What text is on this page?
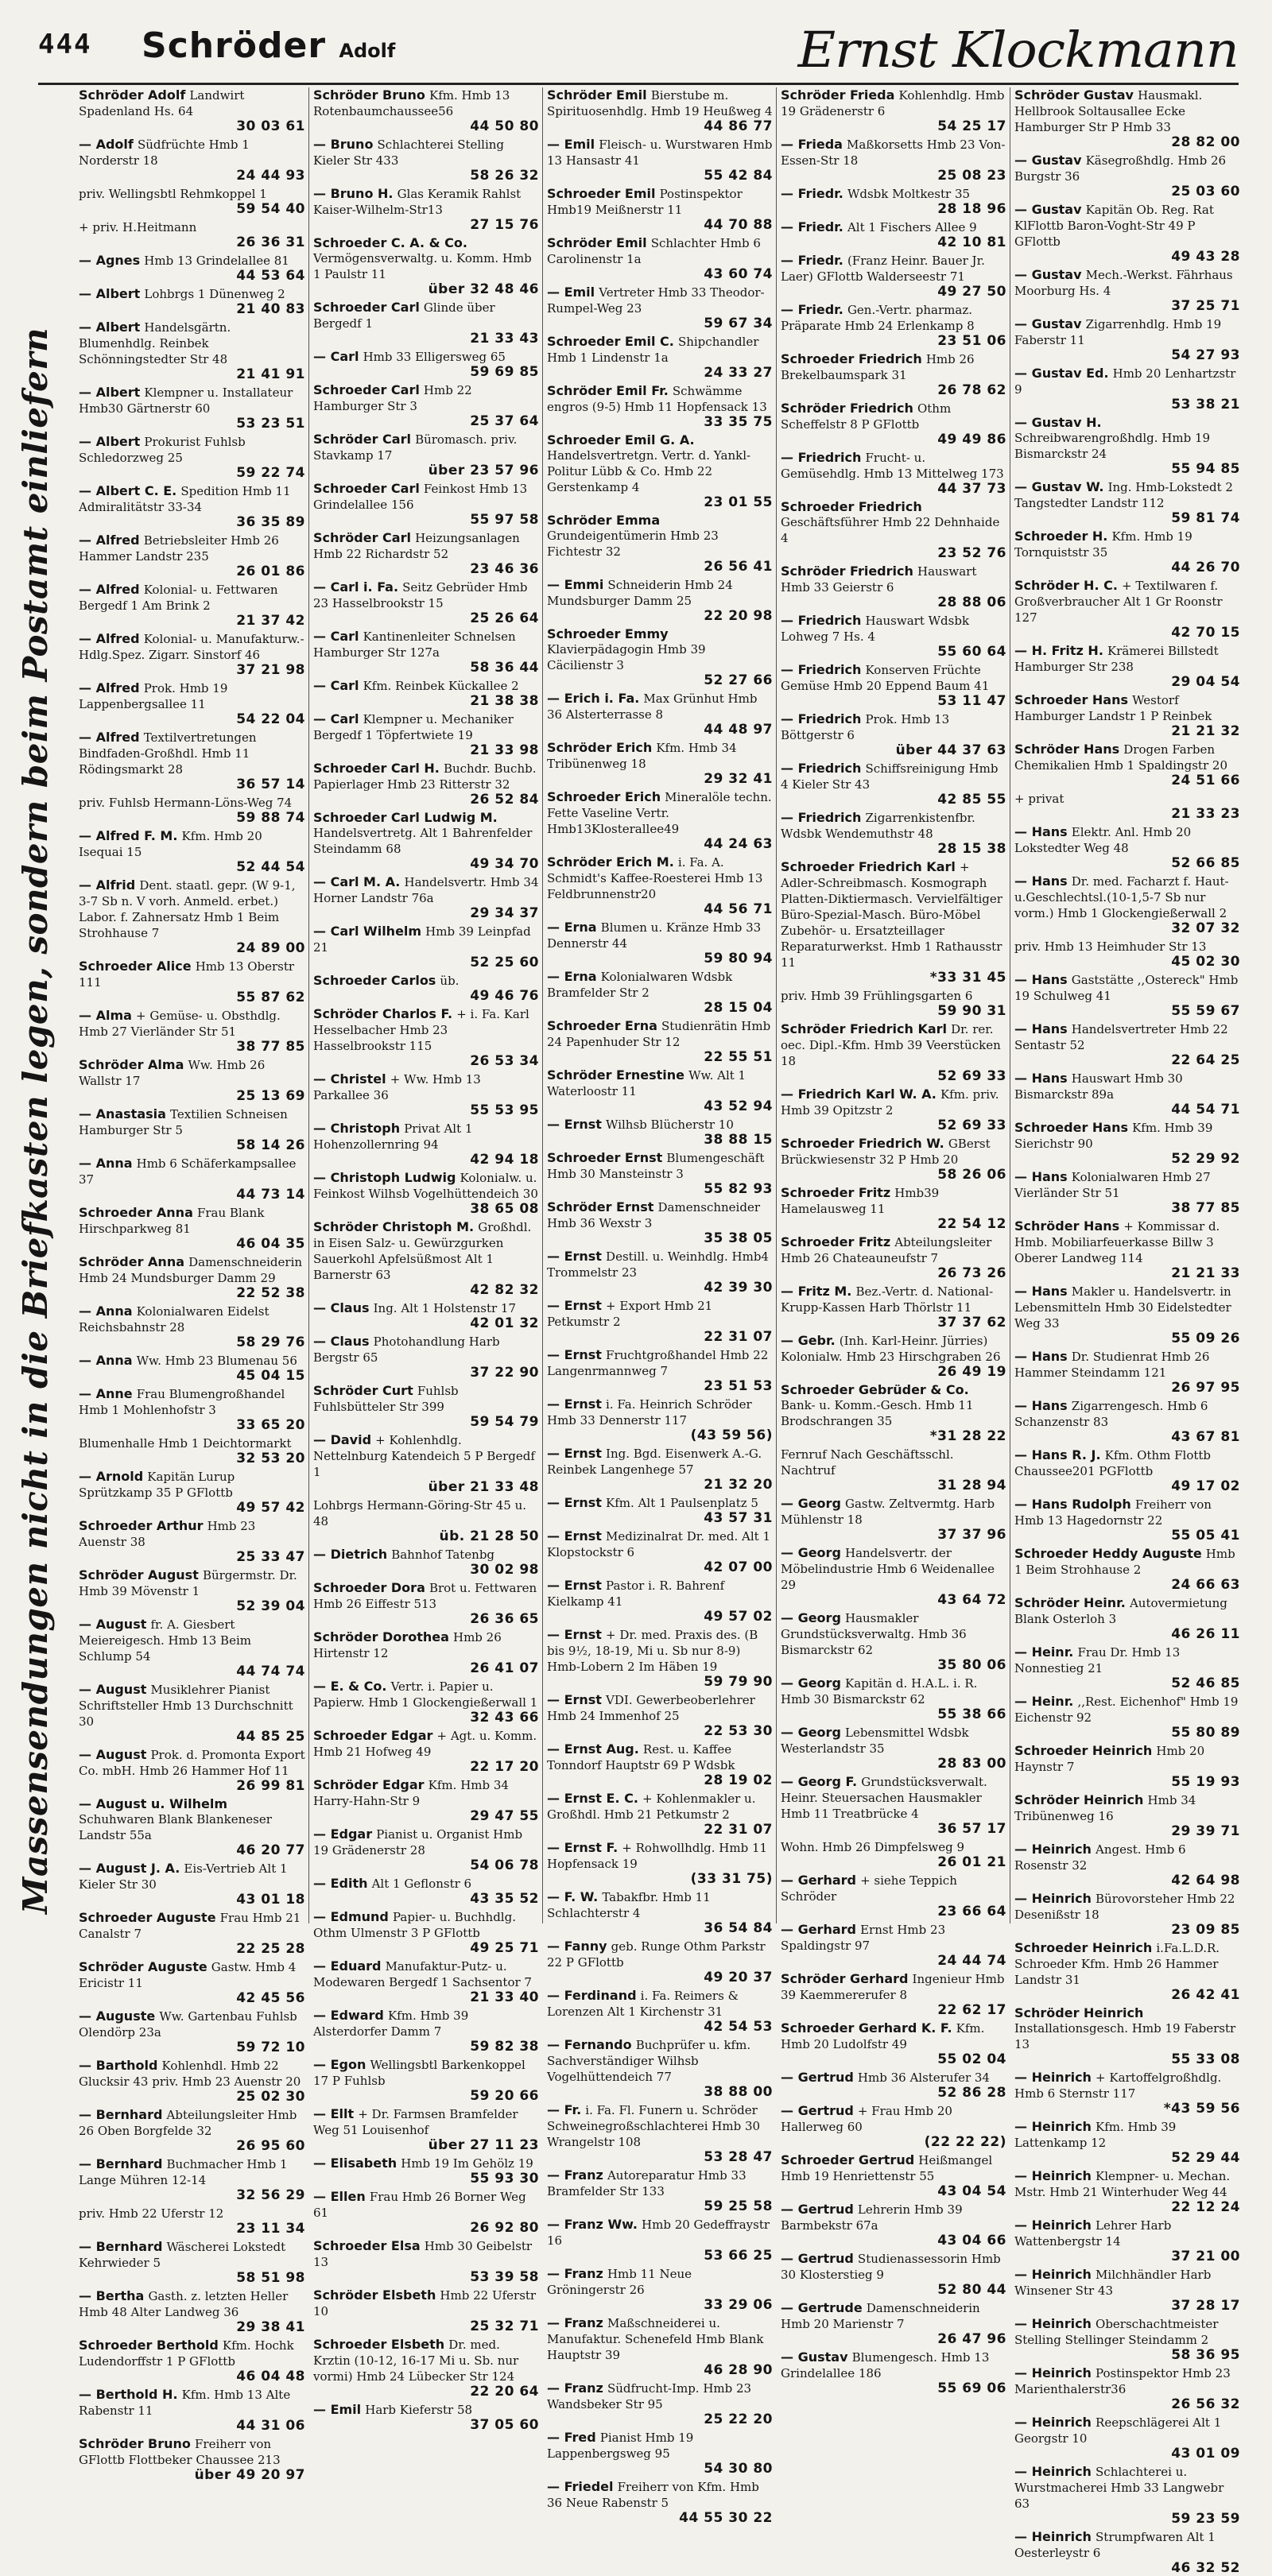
444 Schröder Adolf	Ernst Klockmann
Massensendungen nicht in die Briefkasten legen, sondern beim Postamt einliefern
Schröder Adolf Landwirt Spadenland Hs. 64
30 03 61
— Adolf Südfrüchte Hmb 1 Norderstr 18
24 44 93
priv. Wellingsbtl Rehmkoppel 1
59 54 40
+ priv. H.Heitmann
26 36 31
— Agnes Hmb 13 Grindelallee 81
44 53 64
— Albert Lohbrgs 1 Dünenweg 2
21 40 83
— Albert Handelsgärtn. Blumenhdlg. Reinbek Schönningstedter Str 48
21 41 91
— Albert Klempner u. Installateur Hmb30 Gärtnerstr 60
53 23 51
— Albert Prokurist Fuhlsb Schledorzweg 25
59 22 74
— Albert C. E. Spedition Hmb 11 Admiralitätstr 33-34
36 35 89
— Alfred Betriebsleiter Hmb 26 Hammer Landstr 235
26 01 86
— Alfred Kolonial- u. Fettwaren Bergedf 1 Am Brink 2
21 37 42
— Alfred Kolonial- u. Manufakturw.-Hdlg.Spez. Zigarr. Sinstorf 46
37 21 98
— Alfred Prok. Hmb 19 Lappenbergsallee 11
54 22 04
— Alfred Textilvertretungen Bindfaden-Großhdl. Hmb 11 Rödingsmarkt 28
36 57 14
priv. Fuhlsb Hermann-Löns-Weg 74
59 88 74
— Alfred F. M. Kfm. Hmb 20 Isequai 15
52 44 54
— Alfrid Dent. staatl. gepr. (W 9-1, 3-7 Sb n. V vorh. Anmeld. erbet.) Labor. f. Zahnersatz Hmb 1 Beim Strohhause 7
24 89 00
Schroeder Alice Hmb 13 Oberstr 111
55 87 62
— Alma + Gemüse- u. Obsthdlg. Hmb 27 Vierländer Str 51
38 77 85
Schröder Alma Ww. Hmb 26 Wallstr 17
25 13 69
— Anastasia Textilien Schneisen Hamburger Str 5
58 14 26
— Anna Hmb 6 Schäferkampsallee 37
44 73 14
Schroeder Anna Frau Blank Hirschparkweg 81
46 04 35
Schröder Anna Damenschneiderin Hmb 24 Mundsburger Damm 29
22 52 38
— Anna Kolonialwaren Eidelst Reichsbahnstr 28
58 29 76
— Anna Ww. Hmb 23 Blumenau 56
45 04 15
— Anne Frau Blumengroßhandel Hmb 1 Mohlenhofstr 3
33 65 20
Blumenhalle Hmb 1 Deichtormarkt
32 53 20
— Arnold Kapitän Lurup Sprützkamp 35 P GFlottb
49 57 42
Schroeder Arthur Hmb 23 Auenstr 38
25 33 47
Schröder August Bürgermstr. Dr. Hmb 39 Mövenstr 1
52 39 04
— August fr. A. Giesbert Meiereigesch. Hmb 13 Beim Schlump 54
44 74 74
— August Musiklehrer Pianist Schriftsteller Hmb 13 Durchschnitt 30
44 85 25
— August Prok. d. Promonta Export Co. mbH. Hmb 26 Hammer Hof 11
26 99 81
— August u. Wilhelm Schuhwaren Blank Blankeneser Landstr 55a
46 20 77
— August J. A. Eis-Vertrieb Alt 1 Kieler Str 30
43 01 18
Schroeder Auguste Frau Hmb 21 Canalstr 7
22 25 28
Schröder Auguste Gastw. Hmb 4 Ericistr 11
42 45 56
— Auguste Ww. Gartenbau Fuhlsb Olendörp 23a
59 72 10
— Barthold Kohlenhdl. Hmb 22 Glucksir 43 priv. Hmb 23 Auenstr 20
25 02 30
— Bernhard Abteilungsleiter Hmb 26 Oben Borgfelde 32
26 95 60
— Bernhard Buchmacher Hmb 1 Lange Mühren 12-14
32 56 29
priv. Hmb 22 Uferstr 12
23 11 34
— Bernhard Wäscherei Lokstedt Kehrwieder 5
58 51 98
— Bertha Gasth. z. letzten Heller Hmb 48 Alter Landweg 36
29 38 41
Schroeder Berthold Kfm. Hochk Ludendorffstr 1 P GFlottb
46 04 48
— Berthold H. Kfm. Hmb 13 Alte Rabenstr 11
44 31 06
Schröder Bruno Freiherr von GFlottb Flottbeker Chaussee 213
über 49 20 97
Schröder Bruno Kfm. Hmb 13 Rotenbaumchaussee56
44 50 80
— Bruno Schlachterei Stelling Kieler Str 433
58 26 32
— Bruno H. Glas Keramik Rahlst Kaiser-Wilhelm-Str13
27 15 76
Schroeder C. A. & Co. Vermögensverwaltg. u. Komm. Hmb 1 Paulstr 11
über 32 48 46
Schroeder Carl Glinde über Bergedf 1
21 33 43
— Carl Hmb 33 Elligersweg 65
59 69 85
Schroeder Carl Hmb 22 Hamburger Str 3
25 37 64
Schröder Carl Büromasch. priv. Stavkamp 17
über 23 57 96
Schroeder Carl Feinkost Hmb 13 Grindelallee 156
55 97 58
Schröder Carl Heizungsanlagen Hmb 22 Richardstr 52
23 46 36
— Carl i. Fa. Seitz Gebrüder Hmb 23 Hasselbrookstr 15
25 26 64
— Carl Kantinenleiter Schnelsen Hamburger Str 127a
58 36 44
— Carl Kfm. Reinbek Kückallee 2
21 38 38
— Carl Klempner u. Mechaniker Bergedf 1 Töpfertwiete 19
21 33 98
Schroeder Carl H. Buchdr. Buchb. Papierlager Hmb 23 Ritterstr 32
26 52 84
Schroeder Carl Ludwig M. Handelsvertretg. Alt 1 Bahrenfelder Steindamm 68
49 34 70
— Carl M. A. Handelsvertr. Hmb 34 Horner Landstr 76a
29 34 37
— Carl Wilhelm Hmb 39 Leinpfad 21
52 25 60
Schroeder Carlos üb.
49 46 76
Schröder Charlos F. + i. Fa. Karl Hesselbacher Hmb 23 Hasselbrookstr 115
26 53 34
— Christel + Ww. Hmb 13 Parkallee 36
55 53 95
— Christoph Privat Alt 1 Hohenzollernring 94
42 94 18
— Christoph Ludwig Kolonialw. u. Feinkost Wilhsb Vogelhüttendeich 30
38 65 08
Schröder Christoph M. Großhdl. in Eisen Salz- u. Gewürzgurken Sauerkohl Apfelsüßmost Alt 1 Barnerstr 63
42 82 32
— Claus Ing. Alt 1 Holstenstr 17
42 01 32
— Claus Photohandlung Harb Bergstr 65
37 22 90
Schröder Curt Fuhlsb Fuhlsbütteler Str 399
59 54 79
— David + Kohlenhdlg. Nettelnburg Katendeich 5 P Bergedf 1
über 21 33 48
Lohbrgs Hermann-Göring-Str 45 u. 48
üb. 21 28 50
— Dietrich Bahnhof Tatenbg
30 02 98
Schroeder Dora Brot u. Fettwaren Hmb 26 Eiffestr 513
26 36 65
Schröder Dorothea Hmb 26 Hirtenstr 12
26 41 07
— E. & Co. Vertr. i. Papier u. Papierw. Hmb 1 Glockengießerwall 1
32 43 66
Schroeder Edgar + Agt. u. Komm. Hmb 21 Hofweg 49
22 17 20
Schröder Edgar Kfm. Hmb 34 Harry-Hahn-Str 9
29 47 55
— Edgar Pianist u. Organist Hmb 19 Grädenerstr 28
54 06 78
— Edith Alt 1 Geflonstr 6
43 35 52
— Edmund Papier- u. Buchhdlg. Othm Ulmenstr 3 P GFlottb
49 25 71
— Eduard Manufaktur-Putz- u. Modewaren Bergedf 1 Sachsentor 7
21 33 40
— Edward Kfm. Hmb 39 Alsterdorfer Damm 7
59 82 38
— Egon Wellingsbtl Barkenkoppel 17 P Fuhlsb
59 20 66
— Ellt + Dr. Farmsen Bramfelder Weg 51 Louisenhof
über 27 11 23
— Elisabeth Hmb 19 Im Gehölz 19
55 93 30
— Ellen Frau Hmb 26 Borner Weg 61
26 92 80
Schroeder Elsa Hmb 30 Geibelstr 13
53 39 58
Schröder Elsbeth Hmb 22 Uferstr 10
25 32 71
Schroeder Elsbeth Dr. med. Krztin (10-12, 16-17 Mi u. Sb. nur vormi) Hmb 24 Lübecker Str 124
22 20 64
— Emil Harb Kieferstr 58
37 05 60
Schröder Emil Bierstube m. Spirituosenhdlg. Hmb 19 Heußweg 4
44 86 77
— Emil Fleisch- u. Wurstwaren Hmb 13 Hansastr 41
55 42 84
Schroeder Emil Postinspektor Hmb19 Meißnerstr 11
44 70 88
Schröder Emil Schlachter Hmb 6 Carolinenstr 1a
43 60 74
— Emil Vertreter Hmb 33 Theodor-Rumpel-Weg 23
59 67 34
Schroeder Emil C. Shipchandler Hmb 1 Lindenstr 1a
24 33 27
Schröder Emil Fr. Schwämme engros (9-5) Hmb 11 Hopfensack 13
33 35 75
Schroeder Emil G. A. Handelsvertretgn. Vertr. d. Yankl-Politur Lübb & Co. Hmb 22 Gerstenkamp 4
23 01 55
Schröder Emma Grundeigentümerin Hmb 23 Fichtestr 32
26 56 41
— Emmi Schneiderin Hmb 24 Mundsburger Damm 25
22 20 98
Schroeder Emmy Klavierpädagogin Hmb 39 Cäcilienstr 3
52 27 66
— Erich i. Fa. Max Grünhut Hmb 36 Alsterterrasse 8
44 48 97
Schröder Erich Kfm. Hmb 34 Tribünenweg 18
29 32 41
Schroeder Erich Mineralöle techn. Fette Vaseline Vertr. Hmb13Klosterallee49
44 24 63
Schröder Erich M. i. Fa. A. Schmidt's Kaffee-Roesterei Hmb 13 Feldbrunnenstr20
44 56 71
— Erna Blumen u. Kränze Hmb 33 Dennerstr 44
59 80 94
— Erna Kolonialwaren Wdsbk Bramfelder Str 2
28 15 04
Schroeder Erna Studienrätin Hmb 24 Papenhuder Str 12
22 55 51
Schröder Ernestine Ww. Alt 1 Waterloostr 11
43 52 94
— Ernst Wilhsb Blücherstr 10
38 88 15
Schroeder Ernst Blumengeschäft Hmb 30 Mansteinstr 3
55 82 93
Schröder Ernst Damenschneider Hmb 36 Wexstr 3
35 38 05
— Ernst Destill. u. Weinhdlg. Hmb4 Trommelstr 23
42 39 30
— Ernst + Export Hmb 21 Petkumstr 2
22 31 07
— Ernst Fruchtgroßhandel Hmb 22 Langenrmannweg 7
23 51 53
— Ernst i. Fa. Heinrich Schröder Hmb 33 Dennerstr 117
(43 59 56)
— Ernst Ing. Bgd. Eisenwerk A.-G. Reinbek Langenhege 57
21 32 20
— Ernst Kfm. Alt 1 Paulsenplatz 5
43 57 31
— Ernst Medizinalrat Dr. med. Alt 1 Klopstockstr 6
42 07 00
— Ernst Pastor i. R. Bahrenf Kielkamp 41
49 57 02
— Ernst + Dr. med. Praxis des. (B bis 9½, 18-19, Mi u. Sb nur 8-9) Hmb-Lobern 2 Im Häben 19
59 79 90
— Ernst VDI. Gewerbeoberlehrer Hmb 24 Immenhof 25
22 53 30
— Ernst Aug. Rest. u. Kaffee Tonndorf Hauptstr 69 P Wdsbk
28 19 02
— Ernst E. C. + Kohlenmakler u. Großhdl. Hmb 21 Petkumstr 2
22 31 07
— Ernst F. + Rohwollhdlg. Hmb 11 Hopfensack 19
(33 31 75)
— F. W. Tabakfbr. Hmb 11 Schlachterstr 4
36 54 84
— Fanny geb. Runge Othm Parkstr 22 P GFlottb
49 20 37
— Ferdinand i. Fa. Reimers & Lorenzen Alt 1 Kirchenstr 31
42 54 53
— Fernando Buchprüfer u. kfm. Sachverständiger Wilhsb Vogelhüttendeich 77
38 88 00
— Fr. i. Fa. Fl. Funern u. Schröder Schweinegroßschlachterei Hmb 30 Wrangelstr 108
53 28 47
— Franz Autoreparatur Hmb 33 Bramfelder Str 133
59 25 58
— Franz Ww. Hmb 20 Gedeffraystr 16
53 66 25
— Franz Hmb 11 Neue Gröningerstr 26
33 29 06
— Franz Maßschneiderei u. Manufaktur. Schenefeld Hmb Blank Hauptstr 39
46 28 90
— Franz Südfrucht-Imp. Hmb 23 Wandsbeker Str 95
25 22 20
— Fred Pianist Hmb 19 Lappenbergsweg 95
54 30 80
— Friedel Freiherr von Kfm. Hmb 36 Neue Rabenstr 5
44 55 30 22
Schröder Frieda Kohlenhdlg. Hmb 19 Grädenerstr 6
54 25 17
— Frieda Maßkorsetts Hmb 23 Von-Essen-Str 18
25 08 23
— Friedr. Wdsbk Moltkestr 35
28 18 96
— Friedr. Alt 1 Fischers Allee 9
42 10 81
— Friedr. (Franz Heinr. Bauer Jr. Laer) GFlottb Walderseestr 71
49 27 50
— Friedr. Gen.-Vertr. pharmaz. Präparate Hmb 24 Erlenkamp 8
23 51 06
Schroeder Friedrich Hmb 26 Brekelbaumspark 31
26 78 62
Schröder Friedrich Othm Scheffelstr 8 P GFlottb
49 49 86
— Friedrich Frucht- u. Gemüsehdlg. Hmb 13 Mittelweg 173
44 37 73
Schroeder Friedrich Geschäftsführer Hmb 22 Dehnhaide 4
23 52 76
Schröder Friedrich Hauswart Hmb 33 Geierstr 6
28 88 06
— Friedrich Hauswart Wdsbk Lohweg 7 Hs. 4
55 60 64
— Friedrich Konserven Früchte Gemüse Hmb 20 Eppend Baum 41
53 11 47
— Friedrich Prok. Hmb 13 Böttgerstr 6
über 44 37 63
— Friedrich Schiffsreinigung Hmb 4 Kieler Str 43
42 85 55
— Friedrich Zigarrenkistenfbr. Wdsbk Wendemuthstr 48
28 15 38
Schroeder Friedrich Karl + Adler-Schreibmasch. Kosmograph Platten-Diktiermasch. Vervielfältiger Büro-Spezial-Masch. Büro-Möbel Zubehör- u. Ersatzteillager Reparaturwerkst. Hmb 1 Rathausstr 11
*33 31 45
priv. Hmb 39 Frühlingsgarten 6
59 90 31
Schröder Friedrich Karl Dr. rer. oec. Dipl.-Kfm. Hmb 39 Veerstücken 18
52 69 33
— Friedrich Karl W. A. Kfm. priv. Hmb 39 Opitzstr 2
52 69 33
Schroeder Friedrich W. GBerst Brückwiesenstr 32 P Hmb 20
58 26 06
Schroeder Fritz Hmb39 Hamelausweg 11
22 54 12
Schroeder Fritz Abteilungsleiter Hmb 26 Chateauneufstr 7
26 73 26
— Fritz M. Bez.-Vertr. d. National-Krupp-Kassen Harb Thörlstr 11
37 37 62
— Gebr. (Inh. Karl-Heinr. Jürries) Kolonialw. Hmb 23 Hirschgraben 26
26 49 19
Schroeder Gebrüder & Co. Bank- u. Komm.-Gesch. Hmb 11 Brodschrangen 35
*31 28 22
Fernruf Nach Geschäftsschl. Nachtruf
31 28 94
— Georg Gastw. Zeltvermtg. Harb Mühlenstr 18
37 37 96
— Georg Handelsvertr. der Möbelindustrie Hmb 6 Weidenallee 29
43 64 72
— Georg Hausmakler Grundstücksverwaltg. Hmb 36 Bismarckstr 62
35 80 06
— Georg Kapitän d. H.A.L. i. R. Hmb 30 Bismarckstr 62
55 38 66
— Georg Lebensmittel Wdsbk Westerlandstr 35
28 83 00
— Georg F. Grundstücksverwalt. Heinr. Steuersachen Hausmakler Hmb 11 Treatbrücke 4
36 57 17
Wohn. Hmb 26 Dimpfelsweg 9
26 01 21
— Gerhard + siehe Teppich Schröder
23 66 64
— Gerhard Ernst Hmb 23 Spaldingstr 97
24 44 74
Schröder Gerhard Ingenieur Hmb 39 Kaemmererufer 8
22 62 17
Schroeder Gerhard K. F. Kfm. Hmb 20 Ludolfstr 49
55 02 04
— Gertrud Hmb 36 Alsterufer 34
52 86 28
— Gertrud + Frau Hmb 20 Hallerweg 60
(22 22 22)
Schroeder Gertrud Heißmangel Hmb 19 Henriettenstr 55
43 04 54
— Gertrud Lehrerin Hmb 39 Barmbekstr 67a
43 04 66
— Gertrud Studienassessorin Hmb 30 Klosterstieg 9
52 80 44
— Gertrude Damenschneiderin Hmb 20 Marienstr 7
26 47 96
— Gustav Blumengesch. Hmb 13 Grindelallee 186
55 69 06
Schröder Gustav Hausmakl. Hellbrook Soltausallee Ecke Hamburger Str P Hmb 33
28 82 00
— Gustav Käsegroßhdlg. Hmb 26 Burgstr 36
25 03 60
— Gustav Kapitän Ob. Reg. Rat KlFlottb Baron-Voght-Str 49 P GFlottb
49 43 28
— Gustav Mech.-Werkst. Fährhaus Moorburg Hs. 4
37 25 71
— Gustav Zigarrenhdlg. Hmb 19 Faberstr 11
54 27 93
— Gustav Ed. Hmb 20 Lenhartzstr 9
53 38 21
— Gustav H. Schreibwarengroßhdlg. Hmb 19 Bismarckstr 24
55 94 85
— Gustav W. Ing. Hmb-Lokstedt 2 Tangstedter Landstr 112
59 81 74
Schroeder H. Kfm. Hmb 19 Tornquiststr 35
44 26 70
Schröder H. C. + Textilwaren f. Großverbraucher Alt 1 Gr Roonstr 127
42 70 15
— H. Fritz H. Krämerei Billstedt Hamburger Str 238
29 04 54
Schroeder Hans Westorf Hamburger Landstr 1 P Reinbek
21 21 32
Schröder Hans Drogen Farben Chemikalien Hmb 1 Spaldingstr 20
24 51 66
+ privat
21 33 23
— Hans Elektr. Anl. Hmb 20 Lokstedter Weg 48
52 66 85
— Hans Dr. med. Facharzt f. Haut-u.Geschlechtsl.(10-1,5-7 Sb nur vorm.) Hmb 1 Glockengießerwall 2
32 07 32
priv. Hmb 13 Heimhuder Str 13
45 02 30
— Hans Gaststätte ,,Ostereck" Hmb 19 Schulweg 41
55 59 67
— Hans Handelsvertreter Hmb 22 Sentastr 52
22 64 25
— Hans Hauswart Hmb 30 Bismarckstr 89a
44 54 71
Schroeder Hans Kfm. Hmb 39 Sierichstr 90
52 29 92
— Hans Kolonialwaren Hmb 27 Vierländer Str 51
38 77 85
Schröder Hans + Kommissar d. Hmb. Mobiliarfeuerkasse Billw 3 Oberer Landweg 114
21 21 33
— Hans Makler u. Handelsvertr. in Lebensmitteln Hmb 30 Eidelstedter Weg 33
55 09 26
— Hans Dr. Studienrat Hmb 26 Hammer Steindamm 121
26 97 95
— Hans Zigarrengesch. Hmb 6 Schanzenstr 83
43 67 81
— Hans R. J. Kfm. Othm Flottb Chaussee201 PGFlottb
49 17 02
— Hans Rudolph Freiherr von Hmb 13 Hagedornstr 22
55 05 41
Schroeder Heddy Auguste Hmb 1 Beim Strohhause 2
24 66 63
Schröder Heinr. Autovermietung Blank Osterloh 3
46 26 11
— Heinr. Frau Dr. Hmb 13 Nonnestieg 21
52 46 85
— Heinr. ,,Rest. Eichenhof" Hmb 19 Eichenstr 92
55 80 89
Schroeder Heinrich Hmb 20 Haynstr 7
55 19 93
Schröder Heinrich Hmb 34 Tribünenweg 16
29 39 71
— Heinrich Angest. Hmb 6 Rosenstr 32
42 64 98
— Heinrich Bürovorsteher Hmb 22 Desenißstr 18
23 09 85
Schroeder Heinrich i.Fa.L.D.R. Schroeder Kfm. Hmb 26 Hammer Landstr 31
26 42 41
Schröder Heinrich Installationsgesch. Hmb 19 Faberstr 13
55 33 08
— Heinrich + Kartoffelgroßhdlg. Hmb 6 Sternstr 117
*43 59 56
— Heinrich Kfm. Hmb 39 Lattenkamp 12
52 29 44
— Heinrich Klempner- u. Mechan. Mstr. Hmb 21 Winterhuder Weg 44
22 12 24
— Heinrich Lehrer Harb Wattenbergstr 14
37 21 00
— Heinrich Milchhändler Harb Winsener Str 43
37 28 17
— Heinrich Oberschachtmeister Stelling Stellinger Steindamm 2
58 36 95
— Heinrich Postinspektor Hmb 23 Marienthalerstr36
26 56 32
— Heinrich Reepschlägerei Alt 1 Georgstr 10
43 01 09
— Heinrich Schlachterei u. Wurstmacherei Hmb 33 Langwebr 63
59 23 59
— Heinrich Strumpfwaren Alt 1 Oesterleystr 6
46 32 52
